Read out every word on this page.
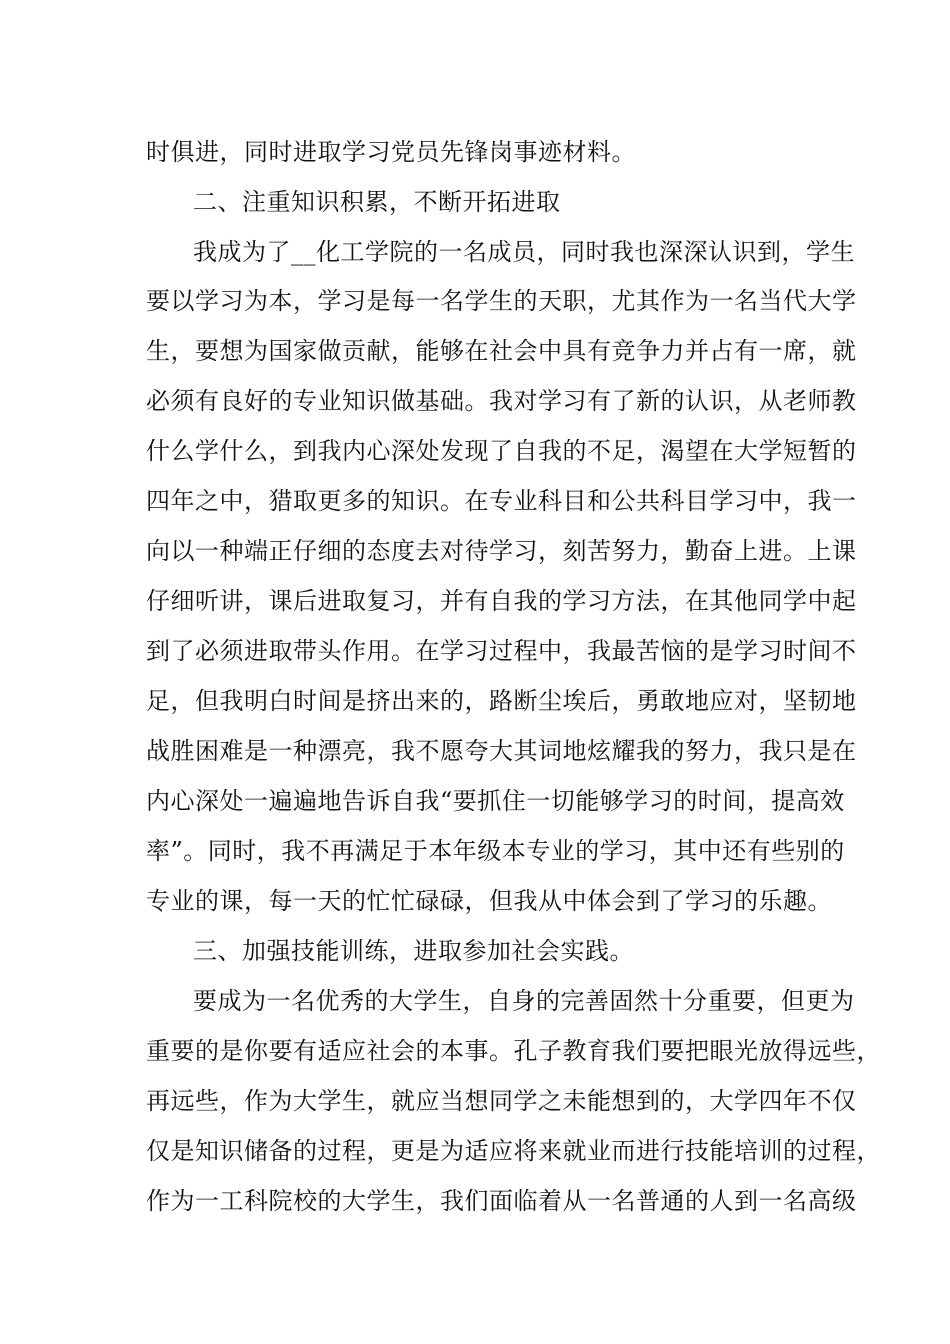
时俱进，同时进取学习党员先锋岗事迹材料。
二、注重知识积累，不断开拓进取
我成为了__化工学院的一名成员，同时我也深深认识到，学生
要以学习为本，学习是每一名学生的天职，尤其作为一名当代大学
生，要想为国家做贡献，能够在社会中具有竞争力并占有一席，就
必须有良好的专业知识做基础。我对学习有了新的认识，从老师教
什么学什么，到我内心深处发现了自我的不足，渴望在大学短暂的
四年之中，猎取更多的知识。在专业科目和公共科目学习中，我一
向以一种端正仔细的态度去对待学习，刻苦努力，勤奋上进。上课
仔细听讲，课后进取复习，并有自我的学习方法，在其他同学中起
到了必须进取带头作用。在学习过程中，我最苦恼的是学习时间不
足，但我明白时间是挤出来的，路断尘埃后，勇敢地应对，坚韧地
战胜困难是一种漂亮，我不愿夸大其词地炫耀我的努力，我只是在
内心深处一遍遍地告诉自我“要抓住一切能够学习的时间，提高效
率”。同时，我不再满足于本年级本专业的学习，其中还有些别的
专业的课，每一天的忙忙碌碌，但我从中体会到了学习的乐趣。
三、加强技能训练，进取参加社会实践。
要成为一名优秀的大学生，自身的完善固然十分重要，但更为
重要的是你要有适应社会的本事。孔子教育我们要把眼光放得远些，
再远些，作为大学生，就应当想同学之未能想到的，大学四年不仅
仅是知识储备的过程，更是为适应将来就业而进行技能培训的过程，
作为一工科院校的大学生，我们面临着从一名普通的人到一名高级
